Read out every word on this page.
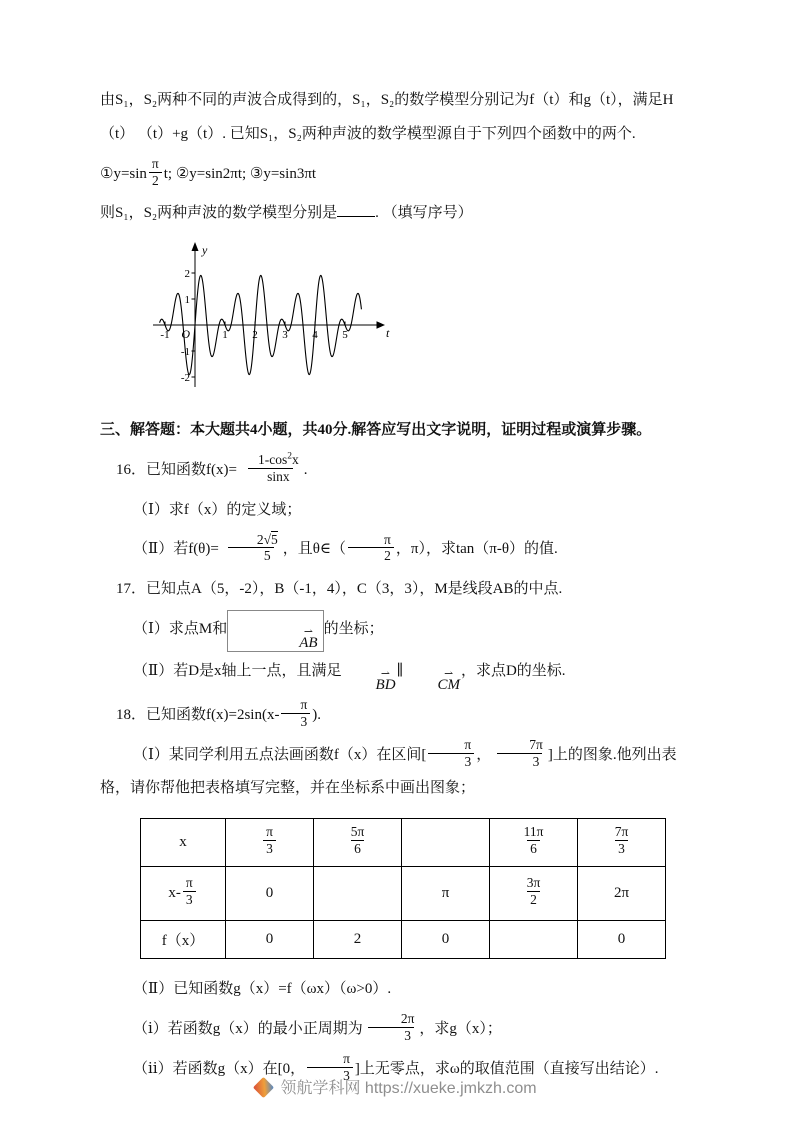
由S₁，S₂两种不同的声波合成得到的，S₁，S₂的数学模型分别记为f（t）和g（t），满足H（t） （t）+g（t）. 已知S₁，S₂两种声波的数学模型源自于下列四个函数中的两个.

①y=sin $\frac{\pi}{2} t$; ②y=sin2πt; ③y=sin3πt

则S₁，S₂两种声波的数学模型分别是	. （填写序号）

y
t
O
-1	1 2 3 4 5
2
1
-1
-2

三、解答题：本大题共4小题，共40分.解答应写出文字说明，证明过程或演算步骤。

16．已知函数$f(x)= \frac{1-\cos^2x}{\sin x}$ .

（Ⅰ）求f（x）的定义域；

（Ⅱ）若$f(\theta)= \frac{2√5}{5}$ ，且θ∈（ $\frac{\pi}{2}$ ，π），求tan（π-θ）的值.

17．已知点A（5，-2），B（-1，4），C（3，3），M是线段AB的中点.

（Ⅰ）求点M和	⇀
AB
的坐标；

（Ⅱ）若D是x轴上一点，且满足	⇀
BD
∥	⇀
CM
，求点D的坐标.

18．已知函数$f(x)=2\sin(x- \frac{\pi}{3}$ ).

（Ⅰ）某同学利用五点法画函数f（x）在区间[ $\frac{\pi}{3}$ ， $\frac{7\pi}{3}$ ]上的图象.他列出表格，请你帮他把表格填写完整，并在坐标系中画出图象；

x	$\frac{\pi}{3}$	$\frac{5\pi}{6}$		$\frac{11\pi}{6}$	$\frac{7\pi}{3}$

$x- \frac{\pi}{3}$	0		π	$\frac{3\pi}{2}$	2π
f（x）	0	2	0		0

（Ⅱ）已知函数g（x）=f（ωx）（ω>0）.

（ⅰ）若函数g（x）的最小正周期为 $\frac{2\pi}{3}$ ，求g（x）；

（ⅱ）若函数g（x）在[0， $\frac{\pi}{3}$ ]上无零点，求ω的取值范围（直接写出结论）.

领航学科网 https://xueke.jmkzh.com
